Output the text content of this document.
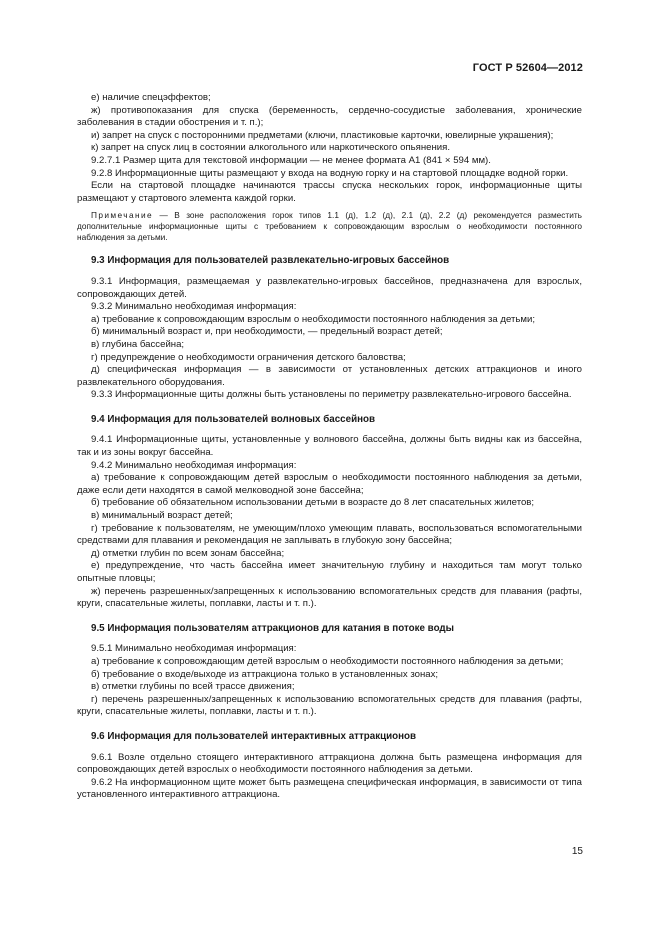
ГОСТ Р 52604—2012

е) наличие спецэффектов;

ж) противопоказания для спуска (беременность, сердечно-сосудистые заболевания, хронические заболевания в стадии обострения и т. п.);

и) запрет на спуск с посторонними предметами (ключи, пластиковые карточки, ювелирные украшения);

к) запрет на спуск лиц в состоянии алкогольного или наркотического опьянения.

9.2.7.1 Размер щита для текстовой информации — не менее формата А1 (841 × 594 мм).

9.2.8 Информационные щиты размещают у входа на водную горку и на стартовой площадке водной горки.

Если на стартовой площадке начинаются трассы спуска нескольких горок, информационные щиты размещают у стартового элемента каждой горки.

Примечание — В зоне расположения горок типов 1.1 (д), 1.2 (д), 2.1 (д), 2.2 (д) рекомендуется разместить дополнительные информационные щиты с требованием к сопровождающим взрослым о необходимости постоянного наблюдения за детьми.

9.3 Информация для пользователей развлекательно-игровых бассейнов

9.3.1 Информация, размещаемая у развлекательно-игровых бассейнов, предназначена для взрослых, сопровождающих детей.

9.3.2 Минимально необходимая информация:

а) требование к сопровождающим взрослым о необходимости постоянного наблюдения за детьми;

б) минимальный возраст и, при необходимости, — предельный возраст детей;

в) глубина бассейна;

г) предупреждение о необходимости ограничения детского баловства;

д) специфическая информация — в зависимости от установленных детских аттракционов и иного развлекательного оборудования.

9.3.3 Информационные щиты должны быть установлены по периметру развлекательно-игрового бассейна.

9.4 Информация для пользователей волновых бассейнов

9.4.1 Информационные щиты, установленные у волнового бассейна, должны быть видны как из бассейна, так и из зоны вокруг бассейна.

9.4.2 Минимально необходимая информация:

а) требование к сопровождающим детей взрослым о необходимости постоянного наблюдения за детьми, даже если дети находятся в самой мелководной зоне бассейна;

б) требование об обязательном использовании детьми в возрасте до 8 лет спасательных жилетов;

в) минимальный возраст детей;

г) требование к пользователям, не умеющим/плохо умеющим плавать, воспользоваться вспомогательными средствами для плавания и рекомендация не заплывать в глубокую зону бассейна;

д) отметки глубин по всем зонам бассейна;

е) предупреждение, что часть бассейна имеет значительную глубину и находиться там могут только опытные пловцы;

ж) перечень разрешенных/запрещенных к использованию вспомогательных средств для плавания (рафты, круги, спасательные жилеты, поплавки, ласты и т. п.).

9.5 Информация пользователям аттракционов для катания в потоке воды

9.5.1 Минимально необходимая информация:

а) требование к сопровождающим детей взрослым о необходимости постоянного наблюдения за детьми;

б) требование о входе/выходе из аттракциона только в установленных зонах;

в) отметки глубины по всей трассе движения;

г) перечень разрешенных/запрещенных к использованию вспомогательных средств для плавания (рафты, круги, спасательные жилеты, поплавки, ласты и т. п.).

9.6 Информация для пользователей интерактивных аттракционов

9.6.1 Возле отдельно стоящего интерактивного аттракциона должна быть размещена информация для сопровождающих детей взрослых о необходимости постоянного наблюдения за детьми.

9.6.2 На информационном щите может быть размещена специфическая информация, в зависимости от типа установленного интерактивного аттракциона.

15
